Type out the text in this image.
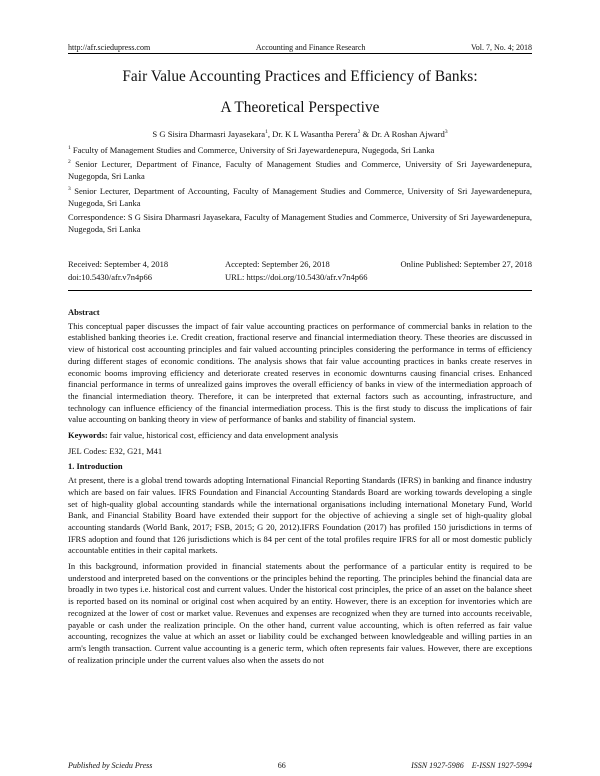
http://afr.sciedupress.com	Accounting and Finance Research	Vol. 7, No. 4; 2018
Fair Value Accounting Practices and Efficiency of Banks:
A Theoretical Perspective
S G Sisira Dharmasri Jayasekara$^1$, Dr. K L Wasantha Perera$^2$ & Dr. A Roshan Ajward$^3$
$^1$ Faculty of Management Studies and Commerce, University of Sri Jayewardenepura, Nugegoda, Sri Lanka
$^2$ Senior Lecturer, Department of Finance, Faculty of Management Studies and Commerce, University of Sri Jayewardenepura, Nugegopda, Sri Lanka
$^3$ Senior Lecturer, Department of Accounting, Faculty of Management Studies and Commerce, University of Sri Jayewardenepura, Nugegoda, Sri Lanka
Correspondence: S G Sisira Dharmasri Jayasekara, Faculty of Management Studies and Commerce, University of Sri Jayewardenepura, Nugegoda, Sri Lanka
Received: September 4, 2018	Accepted: September 26, 2018	Online Published: September 27, 2018
doi:10.5430/afr.v7n4p66	URL: https://doi.org/10.5430/afr.v7n4p66
Abstract

This conceptual paper discusses the impact of fair value accounting practices on performance of commercial banks in relation to the established banking theories i.e. Credit creation, fractional reserve and financial intermediation theory. These theories are discussed in view of historical cost accounting principles and fair valued accounting principles considering the performance in terms of efficiency during different stages of economic conditions. The analysis shows that fair value accounting practices in banks create reserves in economic booms improving efficiency and deteriorate created reserves in economic downturns causing financial crises. Enhanced financial performance in terms of unrealized gains improves the overall efficiency of banks in view of the intermediation approach of the financial intermediation theory. Therefore, it can be interpreted that external factors such as accounting, infrastructure, and technology can influence efficiency of the financial intermediation process. This is the first study to discuss the implications of fair value accounting on banking theory in view of performance of banks and stability of financial system.

Keywords: fair value, historical cost, efficiency and data envelopment analysis

JEL Codes: E32, G21, M41

1. Introduction

At present, there is a global trend towards adopting International Financial Reporting Standards (IFRS) in banking and finance industry which are based on fair values. IFRS Foundation and Financial Accounting Standards Board are working towards developing a single set of high-quality global accounting standards while the international organisations including international Monetary Fund, World Bank, and Financial Stability Board have extended their support for the objective of achieving a single set of high-quality global accounting standards (World Bank, 2017; FSB, 2015; G 20, 2012).IFRS Foundation (2017) has profiled 150 jurisdictions in terms of IFRS adoption and found that 126 jurisdictions which is 84 per cent of the total profiles require IFRS for all or most domestic publicly accountable entities in their capital markets.

In this background, information provided in financial statements about the performance of a particular entity is required to be understood and interpreted based on the conventions or the principles behind the reporting. The principles behind the financial data are broadly in two types i.e. historical cost and current values. Under the historical cost principles, the price of an asset on the balance sheet is reported based on its nominal or original cost when acquired by an entity. However, there is an exception for inventories which are recognized at the lower of cost or market value. Revenues and expenses are recognized when they are turned into accounts receivable, payable or cash under the realization principle. On the other hand, current value accounting, which is often referred as fair value accounting, recognizes the value at which an asset or liability could be exchanged between knowledgeable and willing parties in an arm's length transaction. Current value accounting is a generic term, which often represents fair values. However, there are exceptions of realization principle under the current values also when the assets do not

Published by Sciedu Press	66	ISSN 1927-5986    E-ISSN 1927-5994
